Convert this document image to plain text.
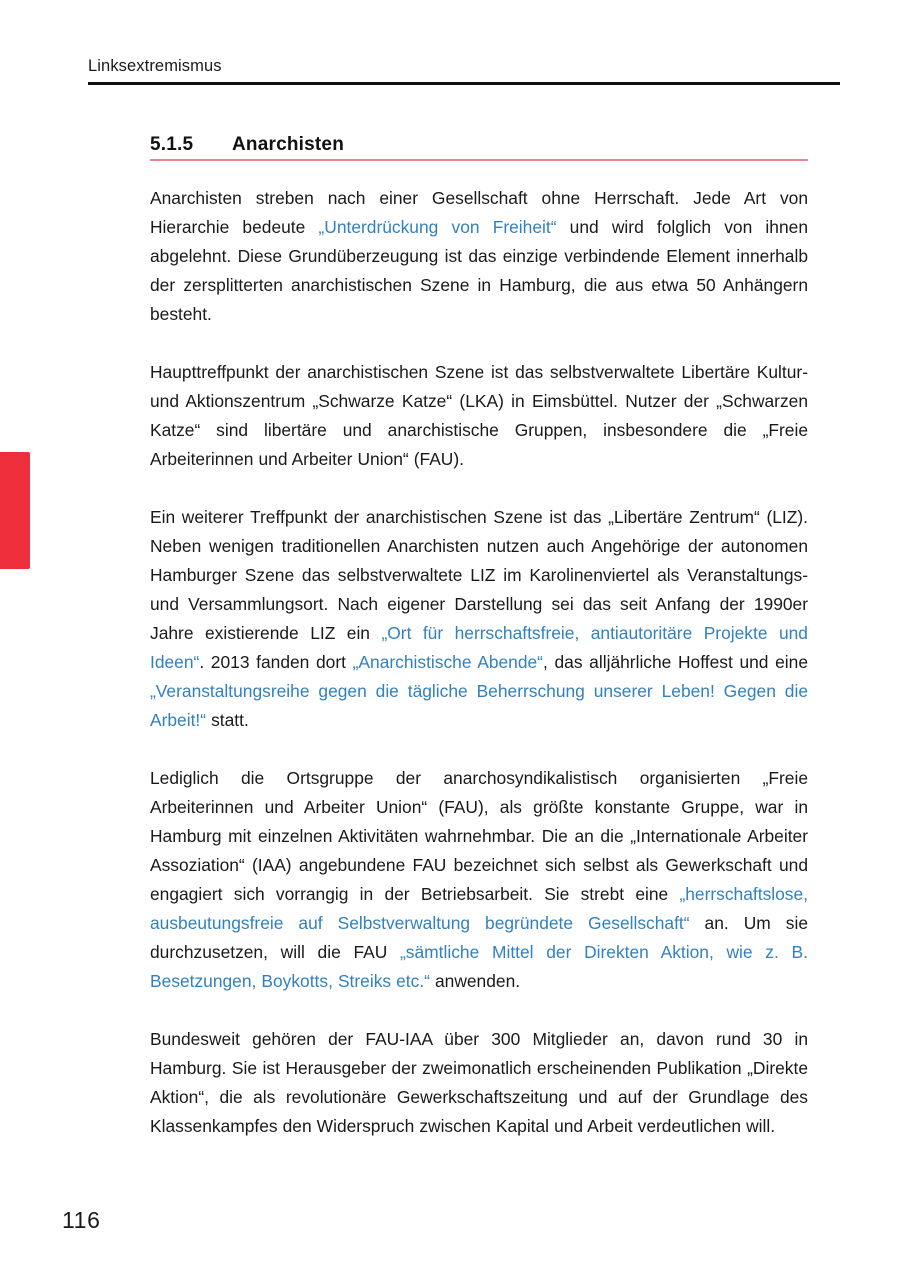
Linksextremismus
5.1.5	Anarchisten

Anarchisten streben nach einer Gesellschaft ohne Herrschaft. Jede Art von Hierarchie bedeute „Unterdrückung von Freiheit“ und wird folglich von ihnen abgelehnt. Diese Grundüberzeugung ist das einzige verbindende Element innerhalb der zersplitterten anarchistischen Szene in Hamburg, die aus etwa 50 Anhängern besteht.

Haupttreffpunkt der anarchistischen Szene ist das selbstverwaltete Libertäre Kultur- und Aktionszentrum „Schwarze Katze“ (LKA) in Eimsbüttel. Nutzer der „Schwarzen Katze“ sind libertäre und anarchistische Gruppen, insbesondere die „Freie Arbeiterinnen und Arbeiter Union“ (FAU).

Ein weiterer Treffpunkt der anarchistischen Szene ist das „Libertäre Zentrum“ (LIZ). Neben wenigen traditionellen Anarchisten nutzen auch Angehörige der autonomen Hamburger Szene das selbstverwaltete LIZ im Karolinenviertel als Veranstaltungs- und Versammlungsort. Nach eigener Darstellung sei das seit Anfang der 1990er Jahre existierende LIZ ein „Ort für herrschaftsfreie, antiautoritäre Projekte und Ideen“. 2013 fanden dort „Anarchistische Abende“, das alljährliche Hoffest und eine „Veranstaltungsreihe gegen die tägliche Beherrschung unserer Leben! Gegen die Arbeit!“ statt.

Lediglich die Ortsgruppe der anarchosyndikalistisch organisierten „Freie Arbeiterinnen und Arbeiter Union“ (FAU), als größte konstante Gruppe, war in Hamburg mit einzelnen Aktivitäten wahrnehmbar. Die an die „Internationale Arbeiter Assoziation“ (IAA) angebundene FAU bezeichnet sich selbst als Gewerkschaft und engagiert sich vorrangig in der Betriebsarbeit. Sie strebt eine „herrschaftslose, ausbeutungsfreie auf Selbstverwaltung begründete Gesellschaft“ an. Um sie durchzusetzen, will die FAU „sämtliche Mittel der Direkten Aktion, wie z. B. Besetzungen, Boykotts, Streiks etc.“ anwenden.

Bundesweit gehören der FAU-IAA über 300 Mitglieder an, davon rund 30 in Hamburg. Sie ist Herausgeber der zweimonatlich erscheinenden Publikation „Direkte Aktion“, die als revolutionäre Gewerkschaftszeitung und auf der Grundlage des Klassenkampfes den Widerspruch zwischen Kapital und Arbeit verdeutlichen will.

116
